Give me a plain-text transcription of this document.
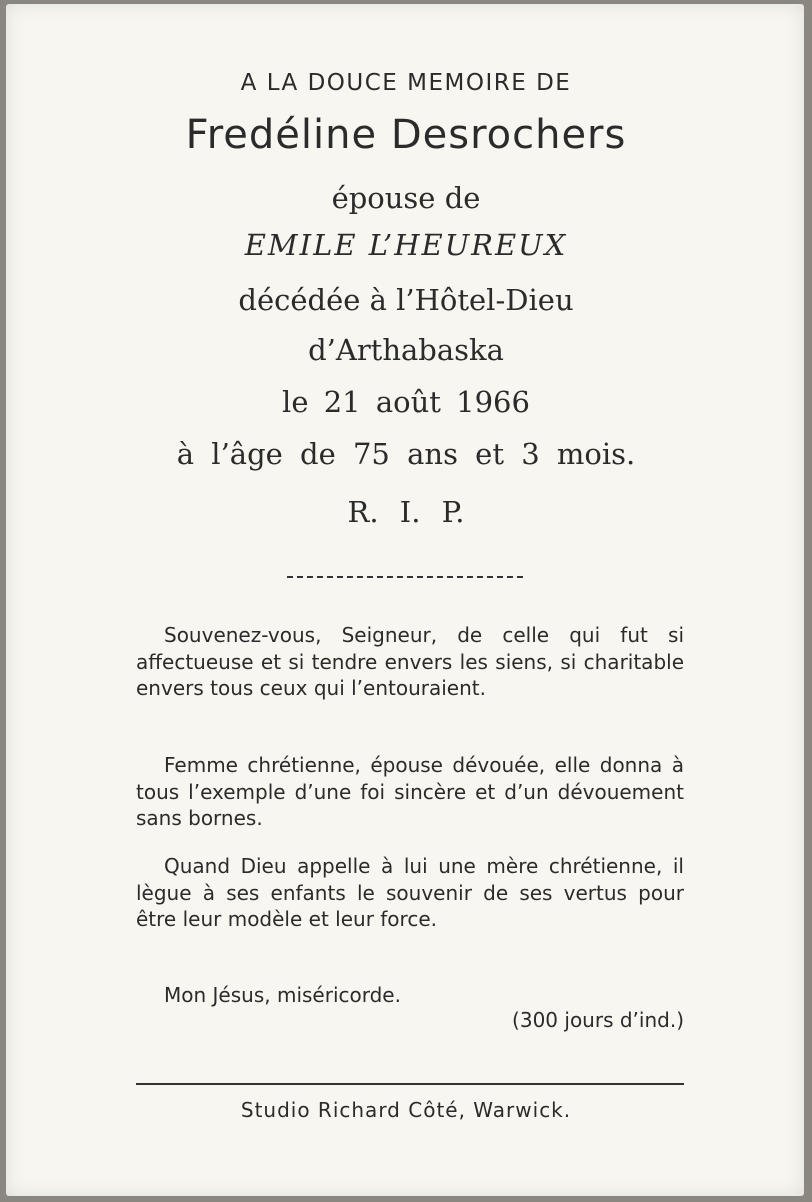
A LA DOUCE MEMOIRE DE
Fredéline Desrochers
épouse de
EMILE L’HEUREUX
décédée à l’Hôtel-Dieu
d’Arthabaska
le 21 août 1966
à l’âge de 75 ans et 3 mois.
R. I. P.

Souvenez-vous, Seigneur, de celle qui fut si affectueuse et si tendre envers les siens, si charitable envers tous ceux qui l’entouraient.

Femme chrétienne, épouse dévouée, elle donna à tous l’exemple d’une foi sincère et d’un dévouement sans bornes.

Quand Dieu appelle à lui une mère chrétienne, il lègue à ses enfants le souvenir de ses vertus pour être leur modèle et leur force.

Mon Jésus, miséricorde.

(300 jours d’ind.)
Studio Richard Côté, Warwick.
